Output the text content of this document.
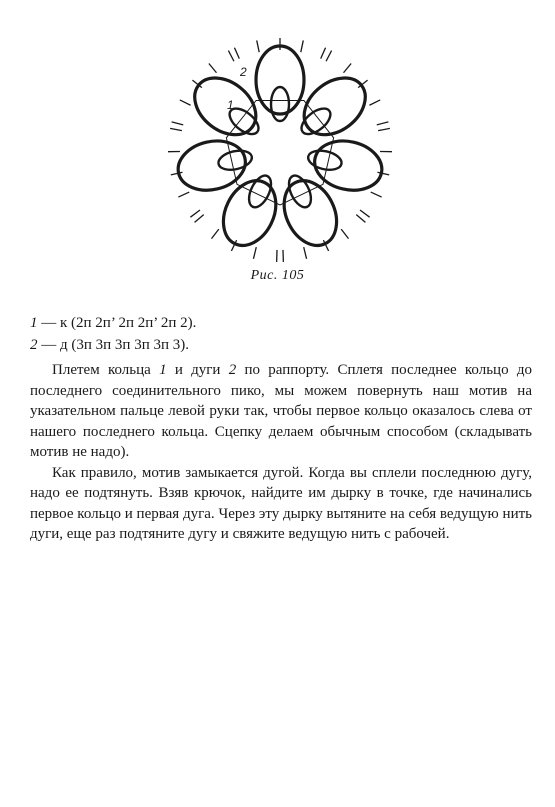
1
2
Рис. 105
1 — к (2п 2п’ 2п 2п’ 2п 2).
2 — д (3п 3п 3п 3п 3п 3).

Плетем кольца 1 и дуги 2 по раппорту. Сплетя последнее кольцо до последнего соединительного пико, мы можем повернуть наш мотив на указательном пальце левой руки так, чтобы первое кольцо оказалось слева от нашего последнего кольца. Сцепку делаем обычным способом (складывать мотив не надо).

Как правило, мотив замыкается дугой. Когда вы сплели последнюю дугу, надо ее подтянуть. Взяв крючок, найдите им дырку в точке, где начинались первое кольцо и первая дуга. Через эту дырку вытяните на себя ведущую нить дуги, еще раз подтяните дугу и свяжите ведущую нить с рабочей.
